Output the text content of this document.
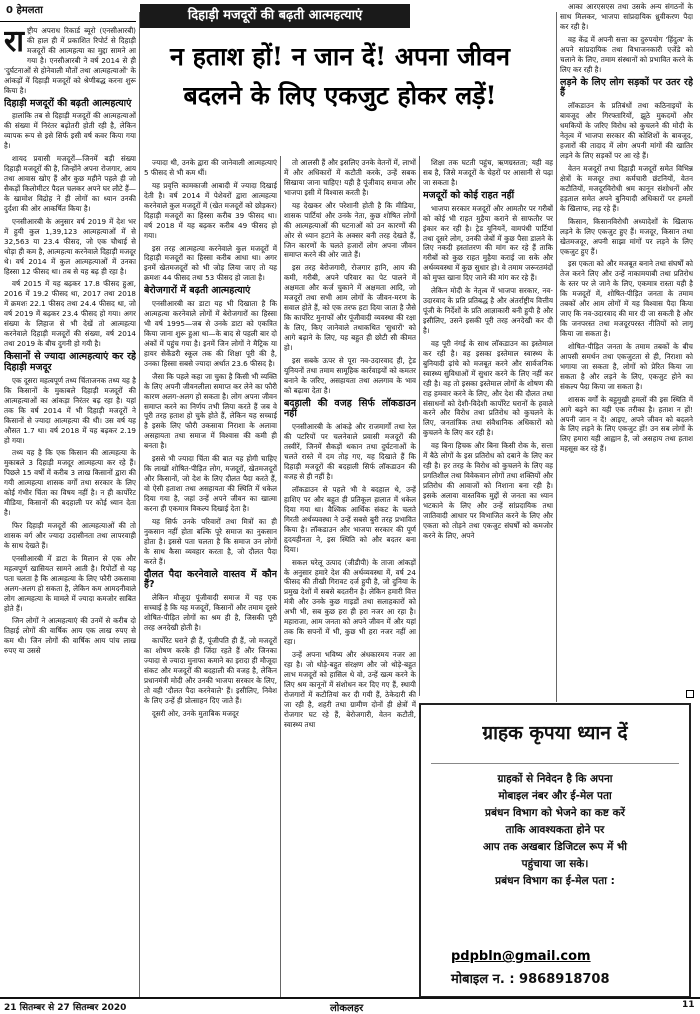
0 हेमलता	दिहाड़ी मजदूरों की बढ़ती आत्महत्याएं
न हताश हों! न जान दें! अपना जीवन बदलने के लिए एकजुट होकर लड़ें!

राष्ट्रीय अपराध रिकार्ड ब्यूरो (एनसीआरबी) की हाल ही में प्रकाशित रिपोर्ट से दिहाड़ी मजदूरों की आत्महत्या का मुद्दा सामने आ गया है। एनसीआरबी ने वर्ष 2014 से ही 'दुर्घटनाओं से होनेवाली मौतों तथा आत्महत्याओं' के आंकड़ों में दिहाड़ी मजदूरों को श्रेणीबद्ध करना शुरू किया है।

दिहाड़ी मजदूरों की बढ़ती आत्महत्याएं

हालांकि तब से दिहाड़ी मजदूरों की आत्महत्याओं की संख्या में निरंतर बढ़ोतरी होती रही है, लेकिन व्यापक रूप से इसे सिर्फ इसी वर्ष कवर किया गया है।

शायद प्रवासी मजदूरों—जिनमें बड़ी संख्या दिहाड़ी मजदूरों की है, जिन्होंने अपना रोजगार, आय तथा आवास खोए हैं और कुछ महीने पहले ही जो सैकड़ों किलोमीटर पैदल चलकर अपने घर लौटे हैं—के खामोश विद्रोह ने ही लोगों का ध्यान उनकी दुर्दशा की ओर आकर्षित किया है।

एनसीआरबी के अनुसार वर्ष 2019 में देश भर में हुयी कुल 1,39,123 आत्महत्याओं में से 32,563 या 23.4 फीसद, जो एक चौथाई से थोड़ा ही कम है, आत्महत्या करनेवाले दिहाड़ी मजदूर थे। वर्ष 2014 में कुल आत्महत्याओं में उनका हिस्सा 12 फीसद था। तब से यह बढ़ ही रहा है।

वर्ष 2015 में यह बढ़कर 17.8 फीसद हुआ, 2016 में 19.2 फीसद था, 2017 तथा 2018 में क्रमशः 22.1 फीसद तथा 24.4 फीसद था, जो वर्ष 2019 में बढ़कर 23.4 फीसद हो गया। अगर संख्या के लिहाज से भी देखें तो आत्महत्या करनेवाले दिहाड़ी मजदूरों की संख्या, वर्ष 2014 तथा 2019 के बीच दुगनी हो गयी है।

किसानों से ज्यादा आत्महत्याएं कर रहे दिहाड़ी मजदूर

एक दूसरा महत्वपूर्ण तथ्य चिंताजनक तथ्य यह है कि किसानों के मुकाबले दिहाड़ी मजदूरों की आत्महत्याओं का आंकड़ा निरंतर बढ़ रहा है। यहां तक कि वर्ष 2014 में भी दिहाड़ी मजदूरों ने किसानों से ज्यादा आत्महत्या की थी। उस वर्ष यह औसत 1.7 था। वर्ष 2018 में यह बढ़कर 2.19 हो गया।

तथ्य यह है कि एक किसान की आत्महत्या के मुकाबले 3 दिहाड़ी मजदूर आत्महत्या कर रहे हैं। पिछले 15 वर्षों में करीब 3 लाख किसानों द्वारा की गयी आत्महत्या शासक वर्गों तथा सरकार के लिए कोई गंभीर चिंता का विषय नहीं है। न ही कार्पोरेट मीडिया, किसानों की बदहाली पर कोई ध्यान देता है।

फिर दिहाड़ी मजदूरों की आत्महत्याओं की तो शासक वर्ग और ज्यादा उदासीनता तथा लापरवाही के साथ देखते हैं।

एनसीआरबी में डाटा के मिलान से एक और महत्वपूर्ण खासियत सामने आती है। रिपोर्टों से यह पता चलता है कि आत्महत्या के लिए फौरी उकसावा अलग-अलग हो सकता है, लेकिन कम आमदनीवाले लोग आत्महत्या के मामले में ज्यादा कमजोर साबित होते हैं।

जिन लोगों ने आत्महत्याएं की उनमें से करीब दो तिहाई लोगों की वार्षिक आय एक लाख रुपए से कम थी। जिन लोगों की वार्षिक आय पांच लाख रुपए या उससे

ज्यादा थी, उनके द्वारा की जानेवाली आत्महत्याएं 5 फीसद से भी कम थीं।

यह प्रवृत्ति कामकाजी आबादी में ज्यादा दिखाई देती है। वर्ष 2014 में पेशेवरों द्वारा आत्महत्या करनेवाले कुल मजदूरों में (खेत मजदूरों को छोड़कर) दिहाड़ी मजदूरों का हिस्सा करीब 39 फीसद था। वर्ष 2018 में यह बढ़कर करीब 49 फीसद हो गया।

इस तरह आत्महत्या करनेवाले कुल मजदूरों में दिहाड़ी मजदूरों का हिस्सा करीब आधा था। अगर इनमें खेतमजदूरों को भी जोड़ लिया जाए तो यह क्रमशः 44 फीसद तथा 53 फीसद हो जाता है।

बेरोजगारों में बढ़ती आत्महत्याएं

एनसीआरबी का डाटा यह भी दिखाता है कि आत्महत्या करनेवाले लोगों में बेरोजगारों का हिस्सा भी वर्ष 1995—जब से उनके डाटा को एकत्रित किया जाना शुरू हुआ था—के बाद से पहली बार दो अंकों में पहुंच गया है। इनमें जिन लोगों ने मैट्रिक या हायर सेकेंडरी स्कूल तक की शिक्षा पूरी की है, उनका हिस्सा सबसे ज्यादा अर्थात 23.6 फीसद है।

जैसा कि पहले कहा जा चुका है किसी भी व्यक्ति के लिए अपनी जीवनलीला समाप्त कर लेने का फौरी कारण अलग-अलग हो सकता है। लोग अपना जीवन समाप्त करने का निर्णय तभी लिया करते हैं जब वे पूरी तरह हताश हो चुके होते हैं, लेकिन यह सच्चाई है इसके लिए फौरी उकसावा निराशा के अलावा असहायता तथा समाज में विश्वास की कमी ही बनता है।

इससे भी ज्यादा चिंता की बात यह होगी चाहिए कि लाखों शोषित-पीड़ित लोग, मजदूरों, खेतमजदूरों और किसानों, जो देश के लिए दौलत पैदा करते हैं, वो ऐसी हताशा तथा असहायता की स्थिति में धकेल दिया गया है, जहां उन्हें अपने जीवन का खात्मा करना ही एकमात्र विकल्प दिखाई देता है।

यह सिर्फ उनके परिवारों तथा मित्रों का ही नुकसान नहीं होता बल्कि पूरे समाज का नुकसान होता है। इससे पता चलता है कि समाज उन लोगों के साथ कैसा व्यवहार करता है, जो दौलत पैदा करते हैं।

दौलत पैदा करनेवाले वास्तव में कौन हैं?

लेकिन मौजूदा पूंजीवादी समाज में यह एक सच्चाई है कि यह मजदूरों, किसानों और तमाम दूसरे शोषित-पीड़ित लोगों का श्रम ही है, जिसकी पूरी तरह अनदेखी होती है।

कार्पोरेट घराने ही हैं, पूंजीपति ही हैं, जो मजदूरों का शोषण करके ही जिंदा रहते हैं और जिनका ज्यादा से ज्यादा मुनाफा कमाने का इरादा ही मौजूदा संकट और मजदूरों की बदहाली की वजह है, लेकिन प्रधानमंत्री मोदी और उनकी भाजपा सरकार के लिए, तो वही 'दौलत पैदा करनेवाले' हैं। इसीलिए, निवेश के लिए उन्हें ही प्रोत्साहन दिए जाते हैं।

दूसरी ओर, उनके मुताबिक मजदूर

तो आलसी हैं और इसलिए उनके वेतनों में, लाभों में और अधिकारों में कटौती करके, उन्हें सबक सिखाया जाना चाहिए! यही है पूंजीवाद समाज और भाजपा इसी में विश्वास करती है।

यह देखकर और परेशानी होती है कि मीडिया, शासक पार्टियां और उनके नेता, कुछ शोषित लोगों की आत्महत्याओं की घटनाओं को उन कारणों की ओर से ध्यान हटाने के अक्सर बनी तरह देखते हैं, जिन कारणों के चलते हजारों लोग अपना जीवन समाप्त करने की ओर जाते हैं।

इस तरह बेरोजगारी, रोजगार हानि, आय की कमी, गरीबी, अपने परिवार का पेट पालने में अक्षमता और कर्ज चुकाने में अक्षमता आदि, जो मजदूरों तथा सभी आम लोगों के जीवन-मरण के सवाल होते हैं, को एक तरफ हटा दिया जाता है जैसे कि कार्पोरेट मुनाफों और पूंजीवादी व्यवस्था की रक्षा के लिए, किए जानेवाले तथाकथित 'सुधारों' को आगे बढ़ाने के लिए, यह बहुत ही छोटी सी कीमत हो।

इस सबके ऊपर से पूरा नव-उदारवाद ही, ट्रेड यूनियनों तथा तमाम सामूहिक कार्रवाइयों को कमतर बनाने के जरिए, असहायता तथा अलगाव के भाव को बढ़ावा देता है।

बदहाली की वजह सिर्फ लॉकडाउन नहीं

एनसीआरबी के आंकड़े और राजमार्गों तथा रेल की पटरियों पर चलनेवाले प्रवासी मजदूरों की तस्वीरें, जिनमें सैकड़ों थकान तथा दुर्घटनाओं के चलते रास्ते में दम तोड़ गए, यह दिखाते हैं कि दिहाड़ी मजदूरों की बदहाली सिर्फ लॉकडाउन की वजह से ही नहीं है।

लॉकडाउन से पहले भी वे बदहाल थे, उन्हें हाशिए पर और बहुत ही प्रतिकूल हालात में धकेल दिया गया था। वैश्विक आर्थिक संकट के चलते गिरती अर्थव्यवस्था ने उन्हें सबसे बुरी तरह प्रभावित किया है। लॉकडाउन और भाजपा सरकार की पूर्ण हृदयहीनता ने, इस स्थिति को और बदतर बना दिया।

सकल घरेलू उत्पाद (जीडीपी) के ताजा आंकड़ों के अनुसार हमारे देश की अर्थव्यवस्था में, वर्ष 24 फीसद की तीखी गिरावट दर्ज हुयी है, जो दुनिया के प्रमुख देशों में सबसे बदतरीन है। लेकिन हमारी वित्त मंत्री और उनके कुछ गाइडों तथा सलाहकारों को अभी भी, सब कुछ हरा ही हरा नजर आ रहा है। महाराजा, आम जनता को अपने जीवन में और यहां तक कि सपनों में भी, कुछ भी हरा नजर नहीं आ रहा।

उन्हें अपना भविष्य और अंधकारमय नजर आ रहा है। जो थोड़े-बहुत संरक्षण और जो थोड़े-बहुत लाभ मजदूरों को हासिल थे वो, उन्हें खत्म करने के लिए श्रम कानूनों में संशोधन कर दिए गए हैं, स्थायी रोजगारों में कटौतियां कर दी गयी हैं, ठेकेदारी की जा रही है, शहरी तथा ग्रामीण दोनों ही क्षेत्रों में रोजगार घट रहे हैं, बेरोजगारी, वेतन कटौती, स्वास्थ्य तथा

शिक्षा तक घटती पहुंच, ऋणग्रस्तता; यही वह सब है, जिसे मजदूरों के चेहरों पर आसानी से पढ़ा जा सकता है।

मजदूरों को कोई राहत नहीं

भाजपा सरकार मजदूरों और आमतौर पर गरीबों को कोई भी राहत मुहैया कराने से साफतौर पर इंकार कर रही है। ट्रेड यूनियनें, वामपंथी पार्टियां तथा दूसरे लोग, उनकी जेबों में कुछ पैसा डालने के लिए नकदी हस्तांतरण की मांग कर रहे हैं ताकि गरीबों को कुछ राहत मुहैया कराई जा सके और अर्थव्यवस्था में कुछ सुधार हो। वे तमाम जरूरतमंदों को मुफ्त खाना दिए जाने की मांग कर रहे हैं।

लेकिन मोदी के नेतृत्व में भाजपा सरकार, नव-उदारवाद के प्रति प्रतिबद्ध है और अंतर्राष्ट्रीय वित्तीय पूंजी के निर्देशों के प्रति आज्ञाकारी बनी हुयी है और इसीलिए, उसने इसकी पूरी तरह अनदेखी कर दी है।

वह पूरी नंगई के साथ लॉकडाउन का इस्तेमाल कर रही है। वह इसका इस्तेमाल स्वास्थ्य के बुनियादी ढ़ांचे को मजबूत करने और सार्वजनिक स्वास्थ्य सुविधाओं में सुधार करने के लिए नहीं कर रही है। वह तो इसका इस्तेमाल लोगों के शोषण की राह हमवार करने के लिए, और देश की दौलत तथा संसाधनों को देशी-विदेशी कार्पोरेट घरानों के हवाले करने और विरोध तथा प्रतिरोध को कुचलने के लिए, जनतांत्रिक तथा संवैधानिक अधिकारों को कुचलने के लिए कर रही है।

वह बिना हिचक और बिना किसी रोक के, सत्ता में बैठे लोगों के इस प्रतिरोध को दबाने के लिए कर रही है। हर तरह के विरोध को कुचलने के लिए वह प्रगतिशील तथा विवेकवान लोगों तथा शक्तियों और प्रतिरोध की आवाजों को निशाना बना रही है। इसके अलावा वास्तविक मुद्दों से जनता का ध्यान भटकाने के लिए और उन्हें सांप्रदायिक तथा जातिवादी आधार पर विभाजित करने के लिए और एकता को तोड़ने तथा एकजुट संघर्षों को कमजोर करने के लिए, अपने

आका आरएसएस तथा उसके अन्य संगठनों के साथ मिलकर, भाजपा सांप्रदायिक ध्रुवीकरण पैदा कर रही है।

वह केंद्र में अपनी सत्ता का दुरुपयोग 'हिंदुत्व' के अपने सांप्रदायिक तथा विभाजनकारी एजेंडे को चलाने के लिए, तमाम संस्थानों को प्रभावित करने के लिए कर रही है।

लड़ने के लिए लोग सड़कों पर उतर रहे हैं

लॉकडाउन के प्रतिबंधों तथा कठिनाइयों के बावजूद और गिरफ्तारियों, झूठे मुकदमों और धमकियों के जरिए विरोध को कुचलने की मोदी के नेतृत्व में भाजपा सरकार की कोशिशों के बावजूद, हजारों की तादाद में लोग अपनी मांगों की खातिर लड़ने के लिए सड़कों पर आ रहे हैं।

वेतन मजदूरों तथा दिहाड़ी मजदूरों समेत विभिन्न क्षेत्रों के मजदूर तथा कर्मचारी छंटनियों, वेतन कटौतियों, मजदूरविरोधी श्रम कानून संशोधनों और हड़ताल समेत अपने बुनियादी अधिकारों पर हमलों के खिलाफ, लड़ रहे हैं।

किसान, किसानविरोधी अध्यादेशों के खिलाफ लड़ने के लिए एकजुट हुए हैं। मजदूर, किसान तथा खेतमजदूर, अपनी साझा मांगों पर लड़ने के लिए एकजुट हुए हैं।

इस एकता को और मजबूत बनाने तथा संघर्षों को तेज करने लिए और उन्हें नाकामयाबी तथा प्रतिरोध के स्तर पर ले जाने के लिए, एकमात्र रास्ता यही है कि मजदूरों में, शोषित-पीड़ित जनता के तमाम तबकों और आम लोगों में यह विश्वास पैदा किया जाए कि नव-उदारवाद की मार दी जा सकती है और कि जनपरस्त तथा मजदूरपरस्त नीतियों को लागू किया जा सकता है।

शोषित-पीड़ित जनता के तमाम तबकों के बीच आपसी समर्थन तथा एकजुटता से ही, निराशा को भगाया जा सकता है, लोगों को प्रेरित किया जा सकता है और लड़ने के लिए, एकजुट होने का संकल्प पैदा किया जा सकता है।

शासक वर्गों के बहुमुखी हमलों की इस स्थिति में आगे बढ़ने का यही एक तरीका है। हताश न हों! अपनी जान न दें! आइए, अपने जीवन को बदलने के लिए लड़ने के लिए एकजुट हों! उन सब लोगों के लिए हमारा यही आह्वान है, जो असहाय तथा हताश महसूस कर रहे हैं।

ग्राहक कृपया ध्यान दें
ग्राहकों से निवेदन है कि अपना
मोबाइल नंबर और ई-मेल पता
प्रबंधन विभाग को भेजने का कष्ट करें
ताकि आवश्यकता होने पर
आप तक अखबार डिजिटल रूप में भी
पहुंचाया जा सके।
प्रबंधन विभाग का ई-मेल पता :
pdpbln@gmail.com
मोबाइल न. : 9868918708
21 सितम्बर से 27 सितम्बर 2020	लोकलहर	11
